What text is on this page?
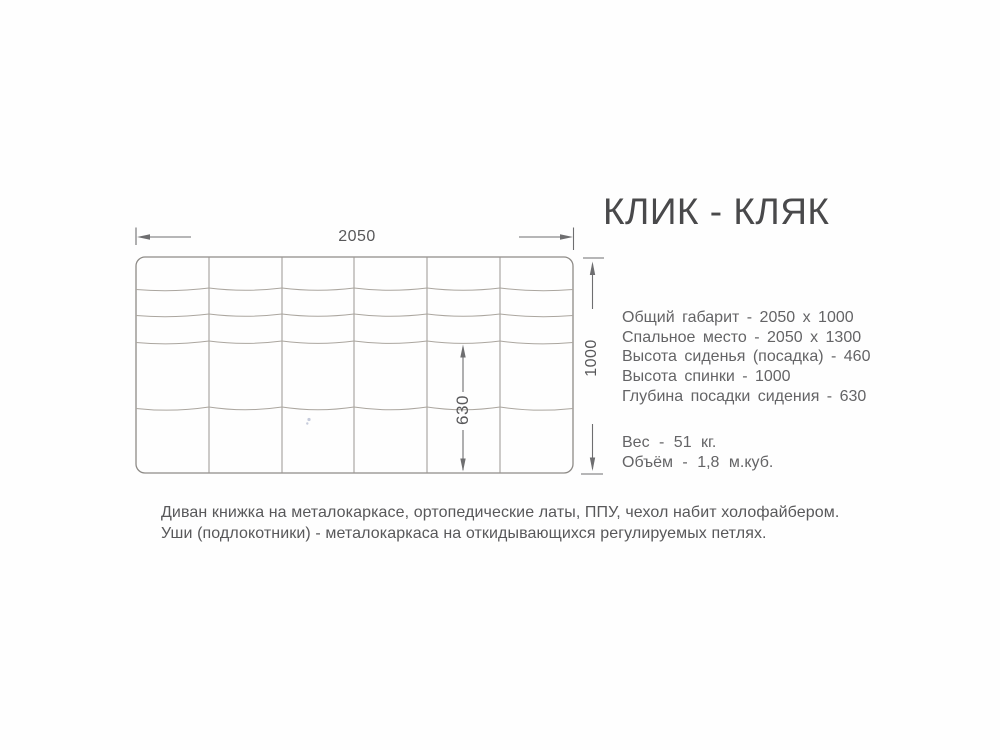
КЛИК - КЛЯК
2050
1000
630
Общий габарит - 2050 x 1000
Спальное место - 2050 x 1300
Высота сиденья (посадка) - 460
Высота спинки - 1000
Глубина посадки сидения - 630
Вес - 51 кг.
Объём - 1,8 м.куб.
Диван книжка на металокаркасе, ортопедические латы, ППУ, чехол набит холофайбером.
Уши (подлокотники) - металокаркаса на откидывающихся регулируемых петлях.
